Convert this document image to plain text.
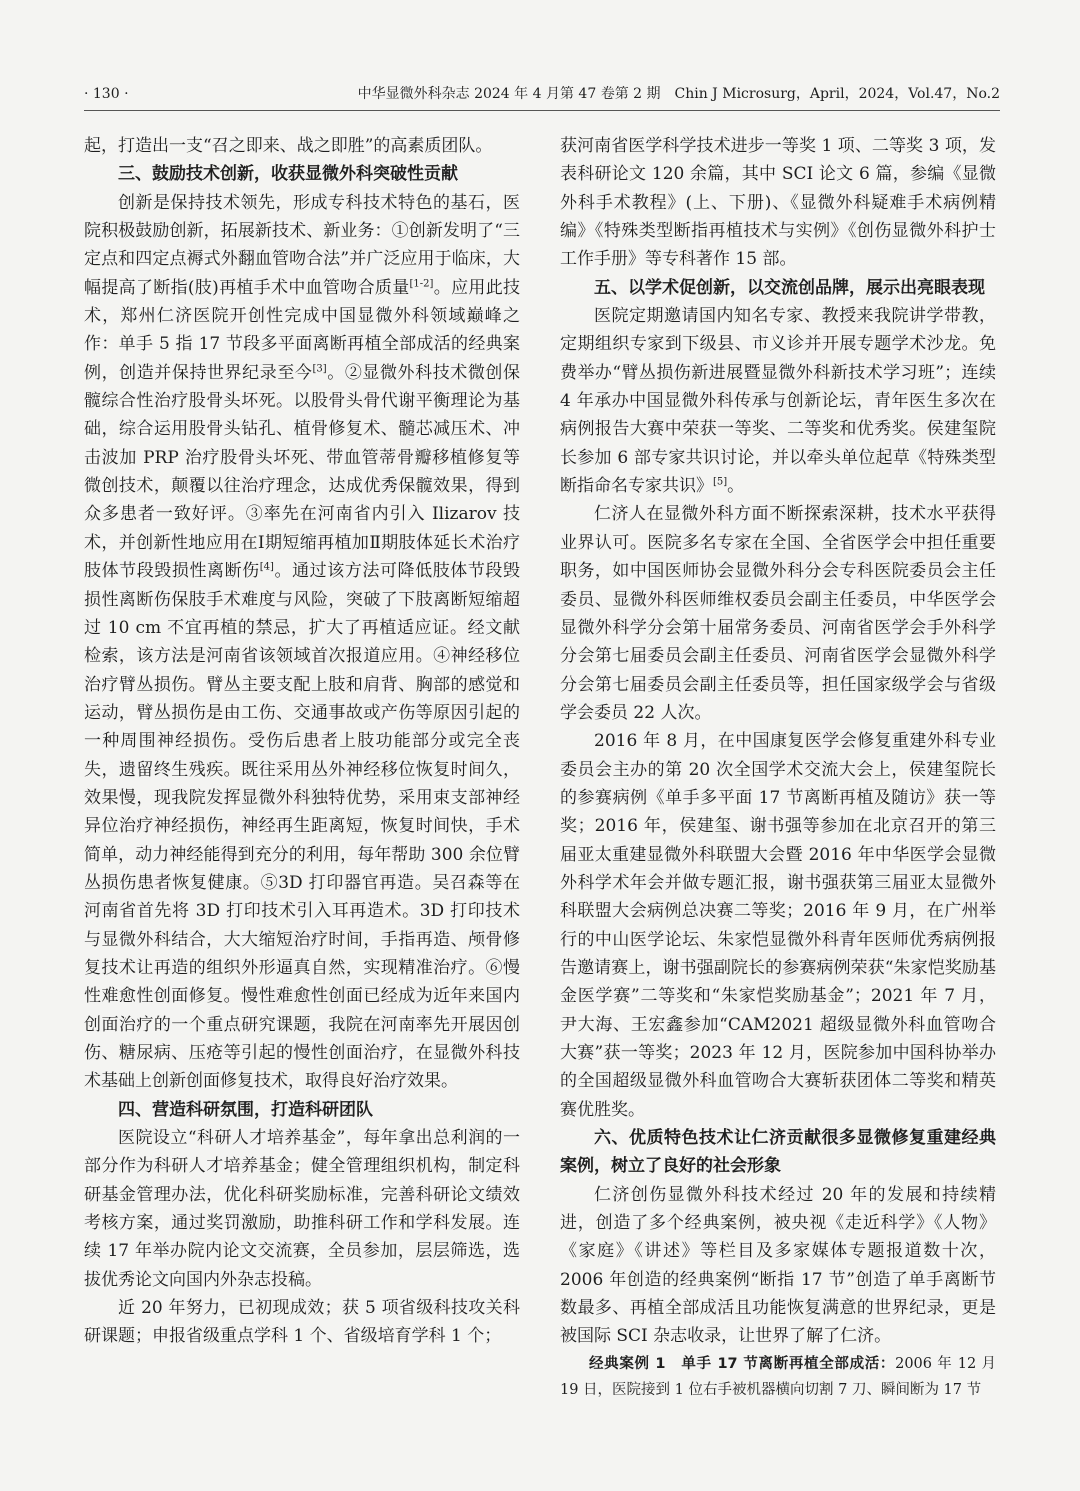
· 130 ·	中华显微外科杂志 2024 年 4 月第 47 卷第 2 期　Chin J Microsurg，April，2024，Vol.47，No.2

起，打造出一支“召之即来、战之即胜”的高素质团队。

三、鼓励技术创新，收获显微外科突破性贡献

创新是保持技术领先，形成专科技术特色的基石，医院积极鼓励创新，拓展新技术、新业务：①创新发明了“三定点和四定点褥式外翻血管吻合法”并广泛应用于临床，大幅提高了断指(肢)再植手术中血管吻合质量[1-2]。应用此技术，郑州仁济医院开创性完成中国显微外科领域巅峰之作：单手 5 指 17 节段多平面离断再植全部成活的经典案例，创造并保持世界纪录至今[3]。②显微外科技术微创保髋综合性治疗股骨头坏死。以股骨头骨代谢平衡理论为基础，综合运用股骨头钻孔、植骨修复术、髓芯减压术、冲击波加 PRP 治疗股骨头坏死、带血管蒂骨瓣移植修复等微创技术，颠覆以往治疗理念，达成优秀保髋效果，得到众多患者一致好评。③率先在河南省内引入 Ilizarov 技术，并创新性地应用在Ⅰ期短缩再植加Ⅱ期肢体延长术治疗肢体节段毁损性离断伤[4]。通过该方法可降低肢体节段毁损性离断伤保肢手术难度与风险，突破了下肢离断短缩超过 10 cm 不宜再植的禁忌，扩大了再植适应证。经文献检索，该方法是河南省该领域首次报道应用。④神经移位治疗臂丛损伤。臂丛主要支配上肢和肩背、胸部的感觉和运动，臂丛损伤是由工伤、交通事故或产伤等原因引起的一种周围神经损伤。受伤后患者上肢功能部分或完全丧失，遗留终生残疾。既往采用丛外神经移位恢复时间久，效果慢，现我院发挥显微外科独特优势，采用束支部神经异位治疗神经损伤，神经再生距离短，恢复时间快，手术简单，动力神经能得到充分的利用，每年帮助 300 余位臂丛损伤患者恢复健康。⑤3D 打印器官再造。吴召森等在河南省首先将 3D 打印技术引入耳再造术。3D 打印技术与显微外科结合，大大缩短治疗时间，手指再造、颅骨修复技术让再造的组织外形逼真自然，实现精准治疗。⑥慢性难愈性创面修复。慢性难愈性创面已经成为近年来国内创面治疗的一个重点研究课题，我院在河南率先开展因创伤、糖尿病、压疮等引起的慢性创面治疗，在显微外科技术基础上创新创面修复技术，取得良好治疗效果。

四、营造科研氛围，打造科研团队

医院设立“科研人才培养基金”，每年拿出总利润的一部分作为科研人才培养基金；健全管理组织机构，制定科研基金管理办法，优化科研奖励标准，完善科研论文绩效考核方案，通过奖罚激励，助推科研工作和学科发展。连续 17 年举办院内论文交流赛，全员参加，层层筛选，选拔优秀论文向国内外杂志投稿。

近 20 年努力，已初现成效；获 5 项省级科技攻关科研课题；申报省级重点学科 1 个、省级培育学科 1 个；

获河南省医学科学技术进步一等奖 1 项、二等奖 3 项，发表科研论文 120 余篇，其中 SCI 论文 6 篇，参编《显微外科手术教程》(上、下册)、《显微外科疑难手术病例精编》《特殊类型断指再植技术与实例》《创伤显微外科护士工作手册》等专科著作 15 部。

五、以学术促创新，以交流创品牌，展示出亮眼表现

医院定期邀请国内知名专家、教授来我院讲学带教，定期组织专家到下级县、市义诊并开展专题学术沙龙。免费举办“臂丛损伤新进展暨显微外科新技术学习班”；连续 4 年承办中国显微外科传承与创新论坛，青年医生多次在病例报告大赛中荣获一等奖、二等奖和优秀奖。侯建玺院长参加 6 部专家共识讨论，并以牵头单位起草《特殊类型断指命名专家共识》[5]。

仁济人在显微外科方面不断探索深耕，技术水平获得业界认可。医院多名专家在全国、全省医学会中担任重要职务，如中国医师协会显微外科分会专科医院委员会主任委员、显微外科医师维权委员会副主任委员，中华医学会显微外科学分会第十届常务委员、河南省医学会手外科学分会第七届委员会副主任委员、河南省医学会显微外科学分会第七届委员会副主任委员等，担任国家级学会与省级学会委员 22 人次。

2016 年 8 月，在中国康复医学会修复重建外科专业委员会主办的第 20 次全国学术交流大会上，侯建玺院长的参赛病例《单手多平面 17 节离断再植及随访》获一等奖；2016 年，侯建玺、谢书强等参加在北京召开的第三届亚太重建显微外科联盟大会暨 2016 年中华医学会显微外科学术年会并做专题汇报，谢书强获第三届亚太显微外科联盟大会病例总决赛二等奖；2016 年 9 月，在广州举行的中山医学论坛、朱家恺显微外科青年医师优秀病例报告邀请赛上，谢书强副院长的参赛病例荣获“朱家恺奖励基金医学赛”二等奖和“朱家恺奖励基金”；2021 年 7 月，尹大海、王宏鑫参加“CAM2021 超级显微外科血管吻合大赛”获一等奖；2023 年 12 月，医院参加中国科协举办的全国超级显微外科血管吻合大赛斩获团体二等奖和精英赛优胜奖。

六、优质特色技术让仁济贡献很多显微修复重建经典案例，树立了良好的社会形象

仁济创伤显微外科技术经过 20 年的发展和持续精进，创造了多个经典案例，被央视《走近科学》《人物》《家庭》《讲述》等栏目及多家媒体专题报道数十次，2006 年创造的经典案例“断指 17 节”创造了单手离断节数最多、再植全部成活且功能恢复满意的世界纪录，更是被国际 SCI 杂志收录，让世界了解了仁济。

经典案例 1　单手 17 节离断再植全部成活：2006 年 12 月 19 日，医院接到 1 位右手被机器横向切割 7 刀、瞬间断为 17 节
